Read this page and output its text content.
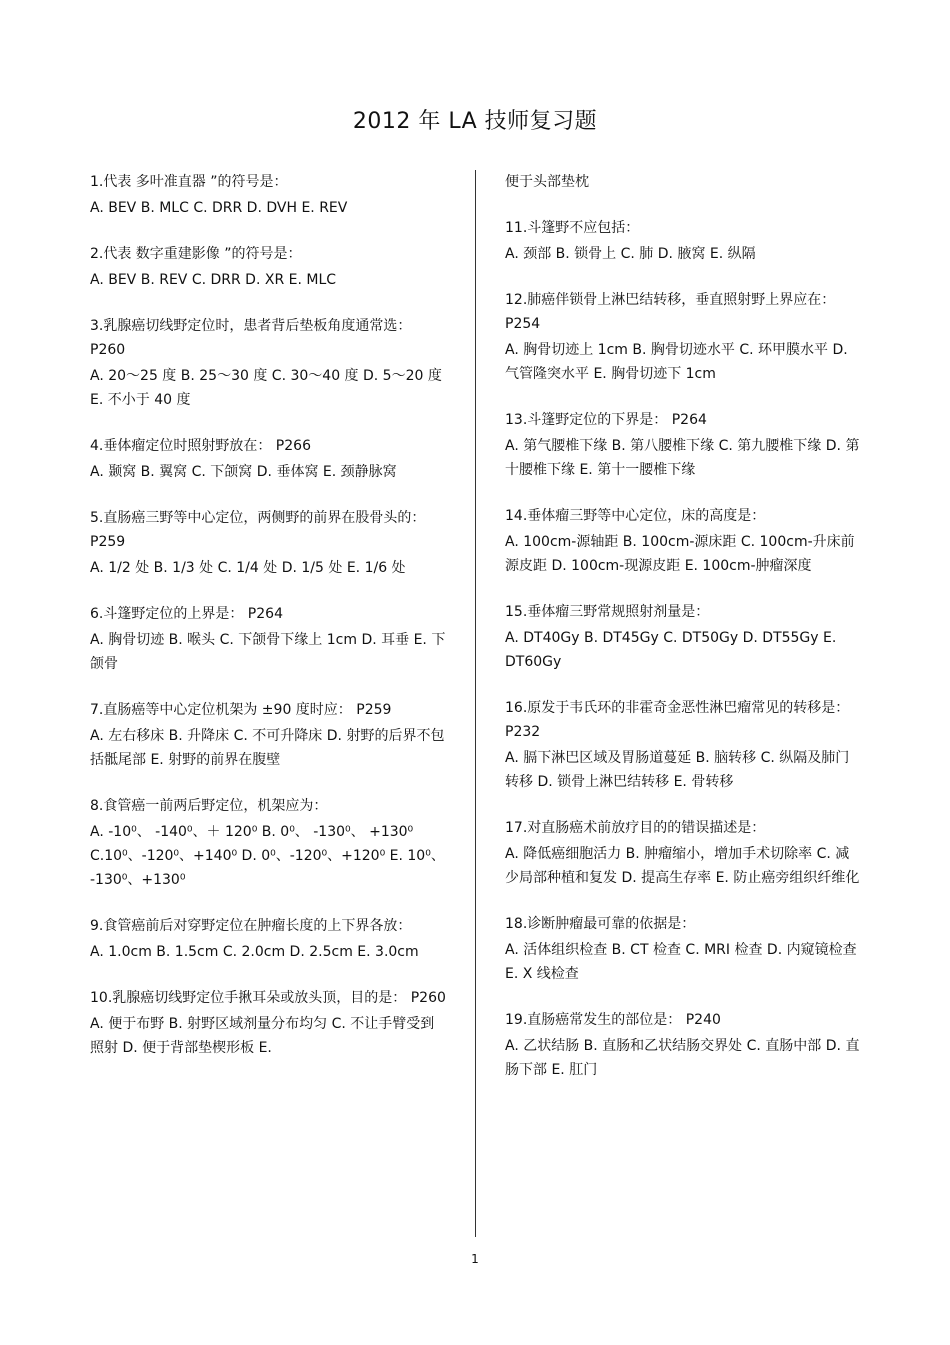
2012 年 LA 技师复习题
1.代表 多叶准直器 ”的符号是：
A. BEV B. MLC C. DRR D. DVH E. REV
2.代表 数字重建影像 ”的符号是：
A. BEV B. REV C. DRR D. XR E. MLC
3.乳腺癌切线野定位时，患者背后垫板角度通常选： P260
A. 20～25 度 B. 25～30 度 C. 30～40 度 D. 5～20 度 E. 不小于 40 度
4.垂体瘤定位时照射野放在： P266
A. 颞窝 B. 翼窝 C. 下颌窝 D. 垂体窝 E. 颈静脉窝
5.直肠癌三野等中心定位，两侧野的前界在股骨头的： P259
A. 1/2 处 B. 1/3 处 C. 1/4 处 D. 1/5 处 E. 1/6 处
6.斗篷野定位的上界是： P264
A. 胸骨切迹 B. 喉头 C. 下颌骨下缘上 1cm D. 耳垂 E. 下颌骨
7.直肠癌等中心定位机架为 ±90 度时应： P259
A. 左右移床 B. 升降床 C. 不可升降床 D. 射野的后界不包括骶尾部 E. 射野的前界在腹壁
8.食管癌一前两后野定位，机架应为：
A. -10⁰、 -140⁰、＋ 120⁰ B. 0⁰、 -130⁰、 +130⁰ C.10⁰、-120⁰、+140⁰ D. 0⁰、-120⁰、+120⁰ E. 10⁰、 -130⁰、+130⁰
9.食管癌前后对穿野定位在肿瘤长度的上下界各放：
A. 1.0cm B. 1.5cm C. 2.0cm D. 2.5cm E. 3.0cm
10.乳腺癌切线野定位手揪耳朵或放头顶，目的是： P260
A. 便于布野 B. 射野区域剂量分布均匀 C. 不让手臂受到照射 D. 便于背部垫楔形板 E.
便于头部垫枕
11.斗篷野不应包括：
A. 颈部 B. 锁骨上 C. 肺 D. 腋窝 E. 纵隔
12.肺癌伴锁骨上淋巴结转移，垂直照射野上界应在： P254
A. 胸骨切迹上 1cm B. 胸骨切迹水平 C. 环甲膜水平 D. 气管隆突水平 E. 胸骨切迹下 1cm
13.斗篷野定位的下界是： P264
A. 第气腰椎下缘 B. 第八腰椎下缘 C. 第九腰椎下缘 D. 第十腰椎下缘 E. 第十一腰椎下缘
14.垂体瘤三野等中心定位，床的高度是：
A. 100cm-源轴距 B. 100cm-源床距 C. 100cm-升床前源皮距 D. 100cm-现源皮距 E. 100cm-肿瘤深度
15.垂体瘤三野常规照射剂量是：
A. DT40Gy B. DT45Gy C. DT50Gy D. DT55Gy E. DT60Gy
16.原发于韦氏环的非霍奇金恶性淋巴瘤常见的转移是： P232
A. 膈下淋巴区域及胃肠道蔓延 B. 脑转移 C. 纵隔及肺门转移 D. 锁骨上淋巴结转移 E. 骨转移
17.对直肠癌术前放疗目的的错误描述是：
A. 降低癌细胞活力 B. 肿瘤缩小，增加手术切除率 C. 减少局部种植和复发 D. 提高生存率 E. 防止癌旁组织纤维化
18.诊断肿瘤最可靠的依据是：
A. 活体组织检查 B. CT 检查 C. MRI 检查 D. 内窥镜检查 E. X 线检查
19.直肠癌常发生的部位是： P240
A. 乙状结肠 B. 直肠和乙状结肠交界处 C. 直肠中部 D. 直肠下部 E. 肛门
1
